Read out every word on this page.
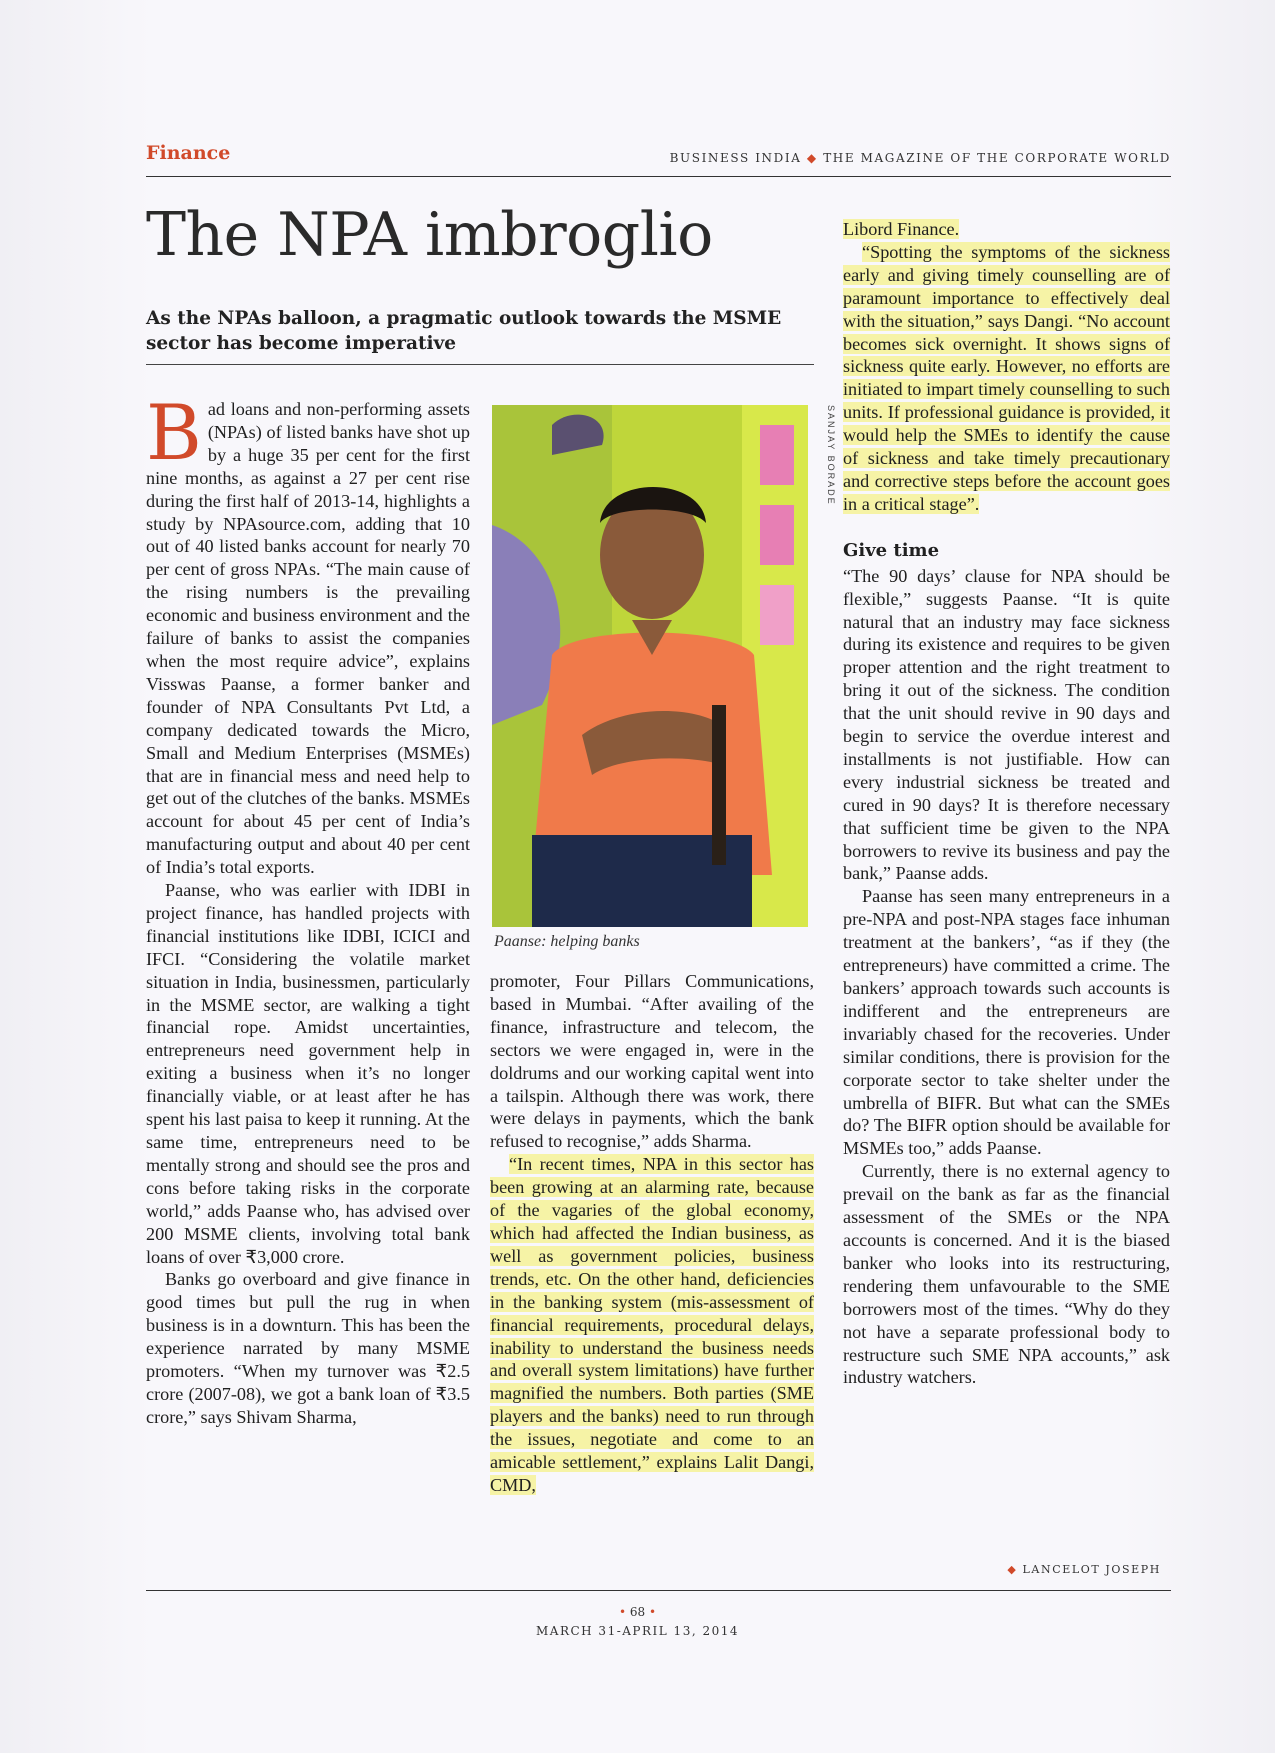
Finance	BUSINESS INDIA ◆ THE MAGAZINE OF THE CORPORATE WORLD
The NPA imbroglio

As the NPAs balloon, a pragmatic outlook towards the MSME sector has become imperative

Bad loans and non-performing assets (NPAs) of listed banks have shot up by a huge 35 per cent for the first nine months, as against a 27 per cent rise during the first half of 2013-14, highlights a study by NPAsource.com, adding that 10 out of 40 listed banks account for nearly 70 per cent of gross NPAs. “The main cause of the rising numbers is the prevailing economic and business environment and the failure of banks to assist the companies when the most require advice”, explains Visswas Paanse, a former banker and founder of NPA Consultants Pvt Ltd, a company dedicated towards the Micro, Small and Medium Enterprises (MSMEs) that are in financial mess and need help to get out of the clutches of the banks. MSMEs account for about 45 per cent of India’s manufacturing output and about 40 per cent of India’s total exports.

Paanse, who was earlier with IDBI in project finance, has handled projects with financial institutions like IDBI, ICICI and IFCI. “Considering the volatile market situation in India, businessmen, particularly in the MSME sector, are walking a tight financial rope. Amidst uncertainties, entrepreneurs need government help in exiting a business when it’s no longer financially viable, or at least after he has spent his last paisa to keep it running. At the same time, entrepreneurs need to be mentally strong and should see the pros and cons before taking risks in the corporate world,” adds Paanse who, has advised over 200 MSME clients, involving total bank loans of over ₹3,000 crore.

Banks go overboard and give finance in good times but pull the rug in when business is in a downturn. This has been the experience narrated by many MSME promoters. “When my turnover was ₹2.5 crore (2007-08), we got a bank loan of ₹3.5 crore,” says Shivam Sharma,

SANJAY BORADE
Paanse: helping banks

promoter, Four Pillars Communications, based in Mumbai. “After availing of the finance, infrastructure and telecom, the sectors we were engaged in, were in the doldrums and our working capital went into a tailspin. Although there was work, there were delays in payments, which the bank refused to recognise,” adds Sharma.

“In recent times, NPA in this sector has been growing at an alarming rate, because of the vagaries of the global economy, which had affected the Indian business, as well as government policies, business trends, etc. On the other hand, deficiencies in the banking system (mis-assessment of financial requirements, procedural delays, inability to understand the business needs and overall system limitations) have further magnified the numbers. Both parties (SME players and the banks) need to run through the issues, negotiate and come to an amicable settlement,” explains Lalit Dangi, CMD,

Libord Finance.

“Spotting the symptoms of the sickness early and giving timely counselling are of paramount importance to effectively deal with the situation,” says Dangi. “No account becomes sick overnight. It shows signs of sickness quite early. However, no efforts are initiated to impart timely counselling to such units. If professional guidance is provided, it would help the SMEs to identify the cause of sickness and take timely precautionary and corrective steps before the account goes in a critical stage”.

Give time

“The 90 days’ clause for NPA should be flexible,” suggests Paanse. “It is quite natural that an industry may face sickness during its existence and requires to be given proper attention and the right treatment to bring it out of the sickness. The condition that the unit should revive in 90 days and begin to service the overdue interest and installments is not justifiable. How can every industrial sickness be treated and cured in 90 days? It is therefore necessary that sufficient time be given to the NPA borrowers to revive its business and pay the bank,” Paanse adds.

Paanse has seen many entrepreneurs in a pre-NPA and post-NPA stages face inhuman treatment at the bankers’, “as if they (the entrepreneurs) have committed a crime. The bankers’ approach towards such accounts is indifferent and the entrepreneurs are invariably chased for the recoveries. Under similar conditions, there is provision for the corporate sector to take shelter under the umbrella of BIFR. But what can the SMEs do? The BIFR option should be available for MSMEs too,” adds Paanse.

Currently, there is no external agency to prevail on the bank as far as the financial assessment of the SMEs or the NPA accounts is concerned. And it is the biased banker who looks into its restructuring, rendering them unfavourable to the SME borrowers most of the times. “Why do they not have a separate professional body to restructure such SME NPA accounts,” ask industry watchers.

◆ LANCELOT JOSEPH
• 68 •
MARCH 31-APRIL 13, 2014
